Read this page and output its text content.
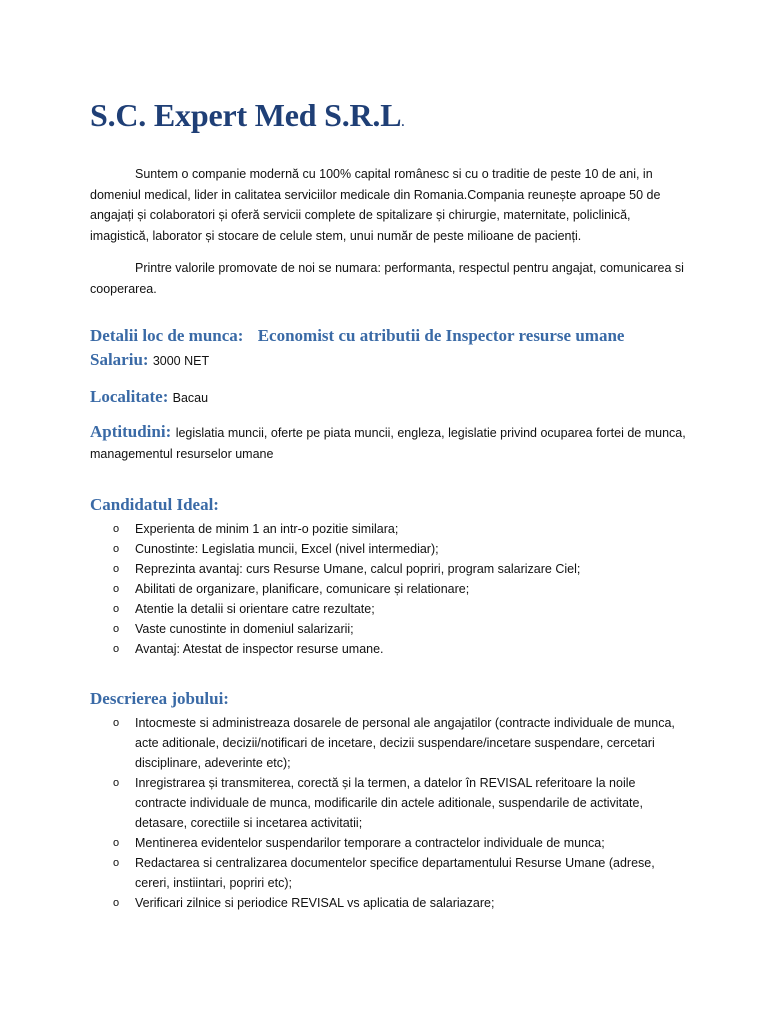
S.C. Expert Med S.R.L.

Suntem o companie modernă cu 100% capital românesc si cu o traditie de peste 10 de ani, in domeniul medical, lider in calitatea serviciilor medicale din Romania.Compania reunește aproape 50 de angajați și colaboratori și oferă servicii complete de spitalizare și chirurgie, maternitate, policlinică, imagistică, laborator și stocare de celule stem, unui număr de peste milioane de pacienți.

Printre valorile promovate de noi se numara: performanta, respectul pentru angajat, comunicarea si cooperarea.

Detalii loc de munca: Economist cu atributii de Inspector resurse umane
Salariu: 3000 NET
Localitate: Bacau
Aptitudini: legislatia muncii, oferte pe piata muncii, engleza, legislatie privind ocuparea fortei de munca, managementul resurselor umane
Candidatul Ideal:
o Experienta de minim 1 an intr-o pozitie similara;
o Cunostinte: Legislatia muncii, Excel (nivel intermediar);
o Reprezinta avantaj: curs Resurse Umane, calcul popriri, program salarizare Ciel;
o Abilitati de organizare, planificare, comunicare și relationare;
o Atentie la detalii si orientare catre rezultate;
o Vaste cunostinte in domeniul salarizarii;
o Avantaj: Atestat de inspector resurse umane.
Descrierea jobului:
o Intocmeste si administreaza dosarele de personal ale angajatilor (contracte individuale de munca, acte aditionale, decizii/notificari de incetare, decizii suspendare/incetare suspendare, cercetari disciplinare, adeverinte etc);
o Inregistrarea și transmiterea, corectă și la termen, a datelor în REVISAL referitoare la noile contracte individuale de munca, modificarile din actele aditionale, suspendarile de activitate, detasare, corectiile si incetarea activitatii;
o Mentinerea evidentelor suspendarilor temporare a contractelor individuale de munca;
o Redactarea si centralizarea documentelor specifice departamentului Resurse Umane (adrese, cereri, instiintari, popriri etc);
o Verificari zilnice si periodice REVISAL vs aplicatia de salariazare;
